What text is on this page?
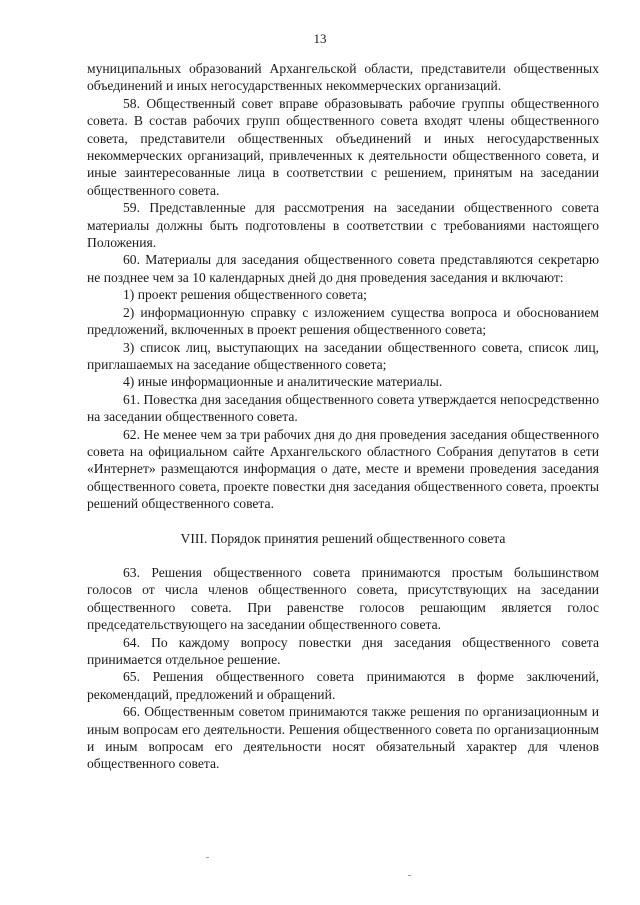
13

муниципальных образований Архангельской области, представители общественных объединений и иных негосударственных некоммерческих организаций.

58. Общественный совет вправе образовывать рабочие группы общественного совета. В состав рабочих групп общественного совета входят члены общественного совета, представители общественных объединений и иных негосударственных некоммерческих организаций, привлеченных к деятельности общественного совета, и иные заинтересованные лица в соответствии с решением, принятым на заседании общественного совета.

59. Представленные для рассмотрения на заседании общественного совета материалы должны быть подготовлены в соответствии с требованиями настоящего Положения.

60. Материалы для заседания общественного совета представляются секретарю не позднее чем за 10 календарных дней до дня проведения заседания и включают:

1) проект решения общественного совета;

2) информационную справку с изложением существа вопроса и обоснованием предложений, включенных в проект решения общественного совета;

3) список лиц, выступающих на заседании общественного совета, список лиц, приглашаемых на заседание общественного совета;

4) иные информационные и аналитические материалы.

61. Повестка дня заседания общественного совета утверждается непосредственно на заседании общественного совета.

62. Не менее чем за три рабочих дня до дня проведения заседания общественного совета на официальном сайте Архангельского областного Собрания депутатов в сети «Интернет» размещаются информация о дате, месте и времени проведения заседания общественного совета, проекте повестки дня заседания общественного совета, проекты решений общественного совета.

VIII. Порядок принятия решений общественного совета

63. Решения общественного совета принимаются простым большинством голосов от числа членов общественного совета, присутствующих на заседании общественного совета. При равенстве голосов решающим является голос председательствующего на заседании общественного совета.

64. По каждому вопросу повестки дня заседания общественного совета принимается отдельное решение.

65. Решения общественного совета принимаются в форме заключений, рекомендаций, предложений и обращений.

66. Общественным советом принимаются также решения по организационным и иным вопросам его деятельности. Решения общественного совета по организационным и иным вопросам его деятельности носят обязательный характер для членов общественного совета.
